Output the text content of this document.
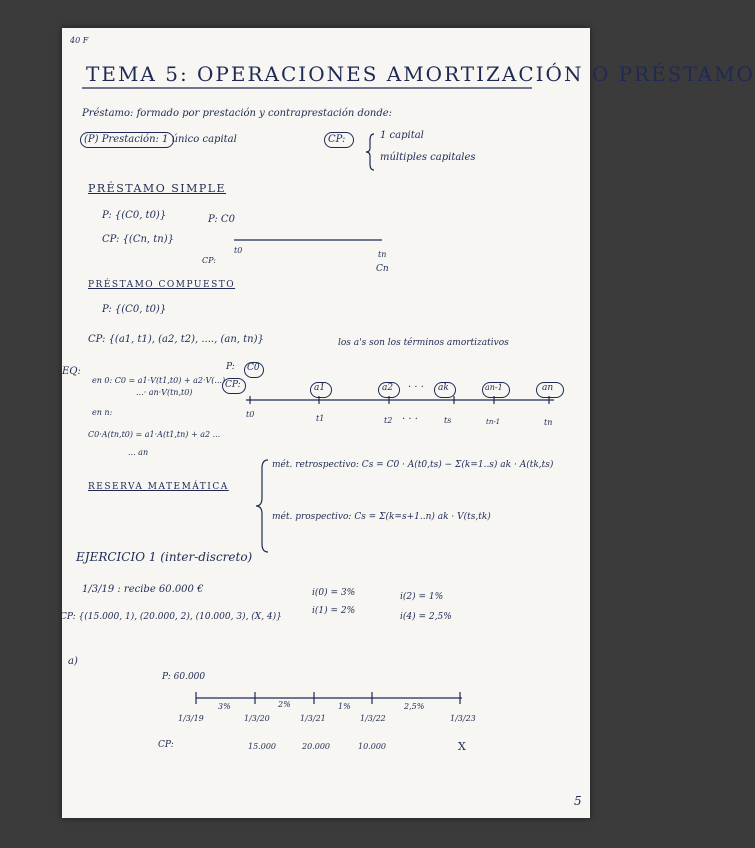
40 F
TEMA 5: OPERACIONES AMORTIZACIÓN O PRÉSTAMO
Préstamo: formado por prestación y contraprestación donde:
(P) Prestación: 1 único capital	CP:	1 capital
múltiples capitales
PRÉSTAMO SIMPLE
P: {(C0, t0)}
CP: {(Cn, tn)}
P: C0
CP:
t0	tn
Cn
PRÉSTAMO COMPUESTO
P: {(C0, t0)}
CP: {(a1, t1), (a2, t2), ...., (an, tn)}	los a's son los términos amortizativos
EQ:
en 0: C0 = a1·V(t1,t0) + a2·V(...)
...· an·V(tn,t0)
en n:
C0·A(tn,t0) = a1·A(t1,tn) + a2 ...
... an
P: C0
CP:	a1	a2 · · · ak	an-1	an
t0	t1	t2 · · ·	ts	tn-1	tn
RESERVA MATEMÁTICA
mét. retrospectivo: Cs = C0 · A(t0,ts) − Σ(k=1..s) ak · A(tk,ts)
mét. prospectivo: Cs = Σ(k=s+1..n) ak · V(ts,tk)
EJERCICIO 1 (inter-discreto)
1/3/19 : recibe 60.000 €	i(0) = 3%
i(1) = 2%
i(2) = 1%
i(4) = 2,5%
CP: {(15.000, 1), (20.000, 2), (10.000, 3), (X, 4)}
a)
P: 60.000
3%	2%	1%	2,5%
1/3/19	1/3/20	1/3/21	1/3/22	1/3/23
CP:	15.000	20.000	10.000	X
5
